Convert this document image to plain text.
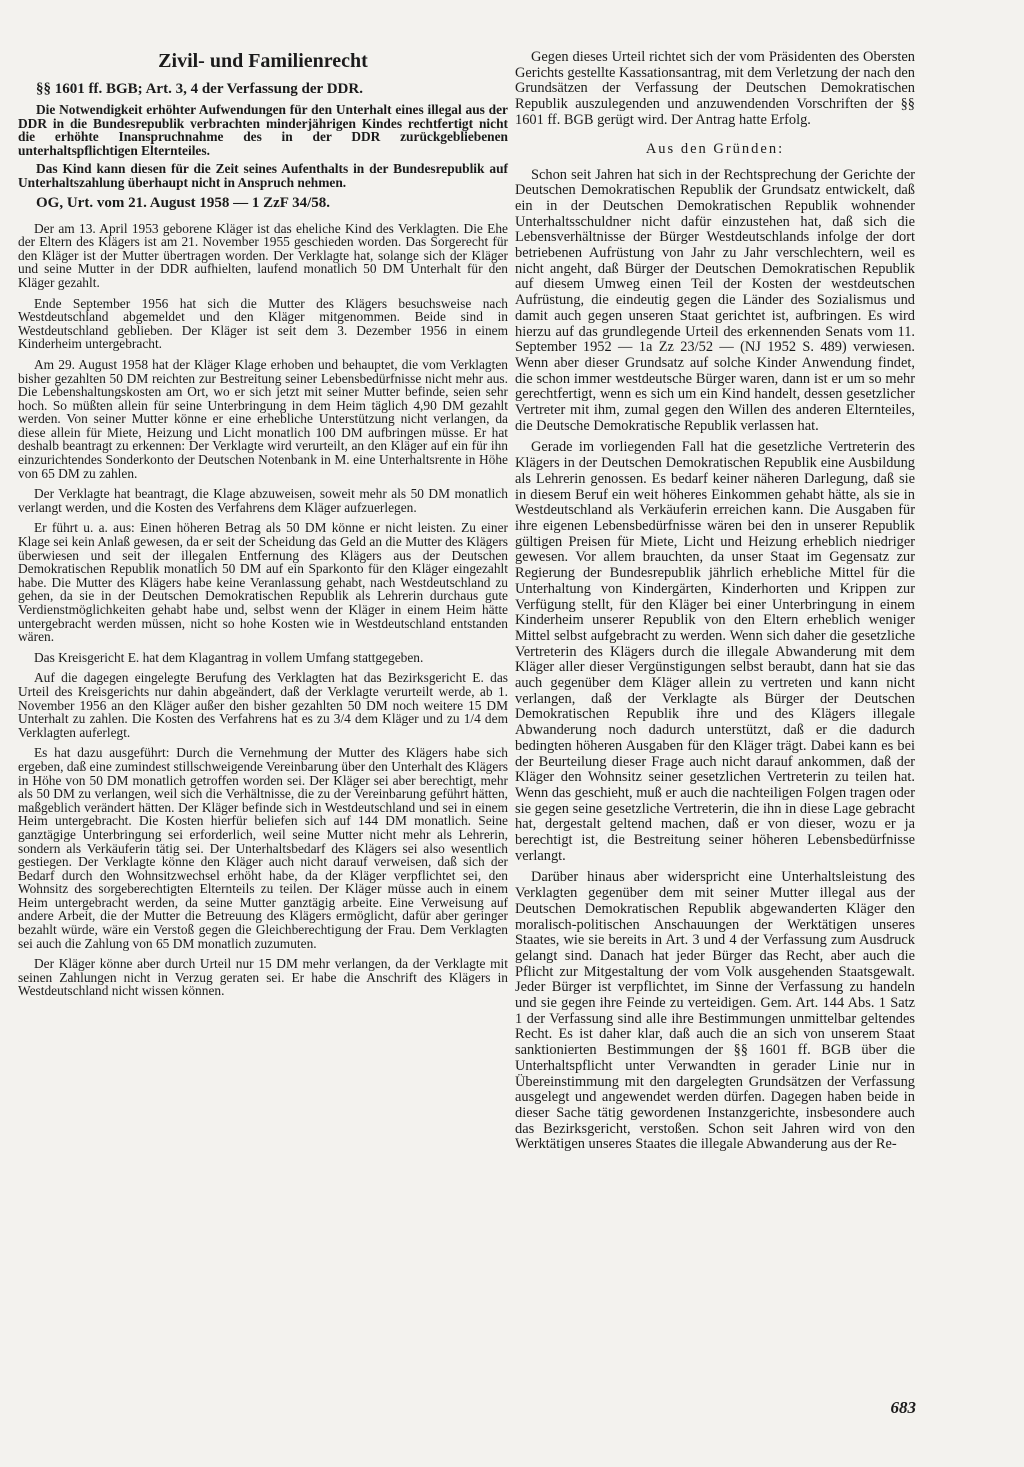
Zivil- und Familienrecht
§§ 1601 ff. BGB; Art. 3, 4 der Verfassung der DDR.

Die Notwendigkeit erhöhter Aufwendungen für den Unterhalt eines illegal aus der DDR in die Bundesrepublik verbrachten minderjährigen Kindes rechtfertigt nicht die erhöhte Inanspruchnahme des in der DDR zurückgebliebenen unterhaltspflichtigen Elternteiles.

Das Kind kann diesen für die Zeit seines Aufenthalts in der Bundesrepublik auf Unterhaltszahlung überhaupt nicht in Anspruch nehmen.

OG, Urt. vom 21. August 1958 — 1 ZzF 34/58.

Der am 13. April 1953 geborene Kläger ist das eheliche Kind des Verklagten. Die Ehe der Eltern des Klägers ist am 21. November 1955 geschieden worden. Das Sorgerecht für den Kläger ist der Mutter übertragen worden. Der Verklagte hat, solange sich der Kläger und seine Mutter in der DDR aufhielten, laufend monatlich 50 DM Unterhalt für den Kläger gezahlt.

Ende September 1956 hat sich die Mutter des Klägers besuchsweise nach Westdeutschland abgemeldet und den Kläger mitgenommen. Beide sind in Westdeutschland geblieben. Der Kläger ist seit dem 3. Dezember 1956 in einem Kinderheim untergebracht.

Am 29. August 1958 hat der Kläger Klage erhoben und behauptet, die vom Verklagten bisher gezahlten 50 DM reichten zur Bestreitung seiner Lebensbedürfnisse nicht mehr aus. Die Lebenshaltungskosten am Ort, wo er sich jetzt mit seiner Mutter befinde, seien sehr hoch. So müßten allein für seine Unterbringung in dem Heim täglich 4,90 DM gezahlt werden. Von seiner Mutter könne er eine erhebliche Unterstützung nicht verlangen, da diese allein für Miete, Heizung und Licht monatlich 100 DM aufbringen müsse. Er hat deshalb beantragt zu erkennen: Der Verklagte wird verurteilt, an den Kläger auf ein für ihn einzurichtendes Sonderkonto der Deutschen Notenbank in M. eine Unterhaltsrente in Höhe von 65 DM zu zahlen.

Der Verklagte hat beantragt, die Klage abzuweisen, soweit mehr als 50 DM monatlich verlangt werden, und die Kosten des Verfahrens dem Kläger aufzuerlegen.

Er führt u. a. aus: Einen höheren Betrag als 50 DM könne er nicht leisten. Zu einer Klage sei kein Anlaß gewesen, da er seit der Scheidung das Geld an die Mutter des Klägers überwiesen und seit der illegalen Entfernung des Klägers aus der Deutschen Demokratischen Republik monatlich 50 DM auf ein Sparkonto für den Kläger eingezahlt habe. Die Mutter des Klägers habe keine Veranlassung gehabt, nach Westdeutschland zu gehen, da sie in der Deutschen Demokratischen Republik als Lehrerin durchaus gute Verdienstmöglichkeiten gehabt habe und, selbst wenn der Kläger in einem Heim hätte untergebracht werden müssen, nicht so hohe Kosten wie in Westdeutschland entstanden wären.

Das Kreisgericht E. hat dem Klagantrag in vollem Umfang stattgegeben.

Auf die dagegen eingelegte Berufung des Verklagten hat das Bezirksgericht E. das Urteil des Kreisgerichts nur dahin abgeändert, daß der Verklagte verurteilt werde, ab 1. November 1956 an den Kläger außer den bisher gezahlten 50 DM noch weitere 15 DM Unterhalt zu zahlen. Die Kosten des Verfahrens hat es zu 3/4 dem Kläger und zu 1/4 dem Verklagten auferlegt.

Es hat dazu ausgeführt: Durch die Vernehmung der Mutter des Klägers habe sich ergeben, daß eine zumindest stillschweigende Vereinbarung über den Unterhalt des Klägers in Höhe von 50 DM monatlich getroffen worden sei. Der Kläger sei aber berechtigt, mehr als 50 DM zu verlangen, weil sich die Verhältnisse, die zu der Vereinbarung geführt hätten, maßgeblich verändert hätten. Der Kläger befinde sich in Westdeutschland und sei in einem Heim untergebracht. Die Kosten hierfür beliefen sich auf 144 DM monatlich. Seine ganztägige Unterbringung sei erforderlich, weil seine Mutter nicht mehr als Lehrerin, sondern als Verkäuferin tätig sei. Der Unterhaltsbedarf des Klägers sei also wesentlich gestiegen. Der Verklagte könne den Kläger auch nicht darauf verweisen, daß sich der Bedarf durch den Wohnsitzwechsel erhöht habe, da der Kläger verpflichtet sei, den Wohnsitz des sorgeberechtigten Elternteils zu teilen. Der Kläger müsse auch in einem Heim untergebracht werden, da seine Mutter ganztägig arbeite. Eine Verweisung auf andere Arbeit, die der Mutter die Betreuung des Klägers ermöglicht, dafür aber geringer bezahlt würde, wäre ein Verstoß gegen die Gleichberechtigung der Frau. Dem Verklagten sei auch die Zahlung von 65 DM monatlich zuzumuten.

Der Kläger könne aber durch Urteil nur 15 DM mehr verlangen, da der Verklagte mit seinen Zahlungen nicht in Verzug geraten sei. Er habe die Anschrift des Klägers in Westdeutschland nicht wissen können.

Gegen dieses Urteil richtet sich der vom Präsidenten des Obersten Gerichts gestellte Kassationsantrag, mit dem Verletzung der nach den Grundsätzen der Verfassung der Deutschen Demokratischen Republik auszulegenden und anzuwendenden Vorschriften der §§ 1601 ff. BGB gerügt wird. Der Antrag hatte Erfolg.

Aus den Gründen:

Schon seit Jahren hat sich in der Rechtsprechung der Gerichte der Deutschen Demokratischen Republik der Grundsatz entwickelt, daß ein in der Deutschen Demokratischen Republik wohnender Unterhaltsschuldner nicht dafür einzustehen hat, daß sich die Lebensverhältnisse der Bürger Westdeutschlands infolge der dort betriebenen Aufrüstung von Jahr zu Jahr verschlechtern, weil es nicht angeht, daß Bürger der Deutschen Demokratischen Republik auf diesem Umweg einen Teil der Kosten der westdeutschen Aufrüstung, die eindeutig gegen die Länder des Sozialismus und damit auch gegen unseren Staat gerichtet ist, aufbringen. Es wird hierzu auf das grundlegende Urteil des erkennenden Senats vom 11. September 1952 — 1a Zz 23/52 — (NJ 1952 S. 489) verwiesen. Wenn aber dieser Grundsatz auf solche Kinder Anwendung findet, die schon immer westdeutsche Bürger waren, dann ist er um so mehr gerechtfertigt, wenn es sich um ein Kind handelt, dessen gesetzlicher Vertreter mit ihm, zumal gegen den Willen des anderen Elternteiles, die Deutsche Demokratische Republik verlassen hat.

Gerade im vorliegenden Fall hat die gesetzliche Vertreterin des Klägers in der Deutschen Demokratischen Republik eine Ausbildung als Lehrerin genossen. Es bedarf keiner näheren Darlegung, daß sie in diesem Beruf ein weit höheres Einkommen gehabt hätte, als sie in Westdeutschland als Verkäuferin erreichen kann. Die Ausgaben für ihre eigenen Lebensbedürfnisse wären bei den in unserer Republik gültigen Preisen für Miete, Licht und Heizung erheblich niedriger gewesen. Vor allem brauchten, da unser Staat im Gegensatz zur Regierung der Bundesrepublik jährlich erhebliche Mittel für die Unterhaltung von Kindergärten, Kinderhorten und Krippen zur Verfügung stellt, für den Kläger bei einer Unterbringung in einem Kinderheim unserer Republik von den Eltern erheblich weniger Mittel selbst aufgebracht zu werden. Wenn sich daher die gesetzliche Vertreterin des Klägers durch die illegale Abwanderung mit dem Kläger aller dieser Vergünstigungen selbst beraubt, dann hat sie das auch gegenüber dem Kläger allein zu vertreten und kann nicht verlangen, daß der Verklagte als Bürger der Deutschen Demokratischen Republik ihre und des Klägers illegale Abwanderung noch dadurch unterstützt, daß er die dadurch bedingten höheren Ausgaben für den Kläger trägt. Dabei kann es bei der Beurteilung dieser Frage auch nicht darauf ankommen, daß der Kläger den Wohnsitz seiner gesetzlichen Vertreterin zu teilen hat. Wenn das geschieht, muß er auch die nachteiligen Folgen tragen oder sie gegen seine gesetzliche Vertreterin, die ihn in diese Lage gebracht hat, dergestalt geltend machen, daß er von dieser, wozu er ja berechtigt ist, die Bestreitung seiner höheren Lebensbedürfnisse verlangt.

Darüber hinaus aber widerspricht eine Unterhaltsleistung des Verklagten gegenüber dem mit seiner Mutter illegal aus der Deutschen Demokratischen Republik abgewanderten Kläger den moralisch-politischen Anschauungen der Werktätigen unseres Staates, wie sie bereits in Art. 3 und 4 der Verfassung zum Ausdruck gelangt sind. Danach hat jeder Bürger das Recht, aber auch die Pflicht zur Mitgestaltung der vom Volk ausgehenden Staatsgewalt. Jeder Bürger ist verpflichtet, im Sinne der Verfassung zu handeln und sie gegen ihre Feinde zu verteidigen. Gem. Art. 144 Abs. 1 Satz 1 der Verfassung sind alle ihre Bestimmungen unmittelbar geltendes Recht. Es ist daher klar, daß auch die an sich von unserem Staat sanktionierten Bestimmungen der §§ 1601 ff. BGB über die Unterhaltspflicht unter Verwandten in gerader Linie nur in Übereinstimmung mit den dargelegten Grundsätzen der Verfassung ausgelegt und angewendet werden dürfen. Dagegen haben beide in dieser Sache tätig gewordenen Instanzgerichte, insbesondere auch das Bezirksgericht, verstoßen. Schon seit Jahren wird von den Werktätigen unseres Staates die illegale Abwanderung aus der Re-

683
